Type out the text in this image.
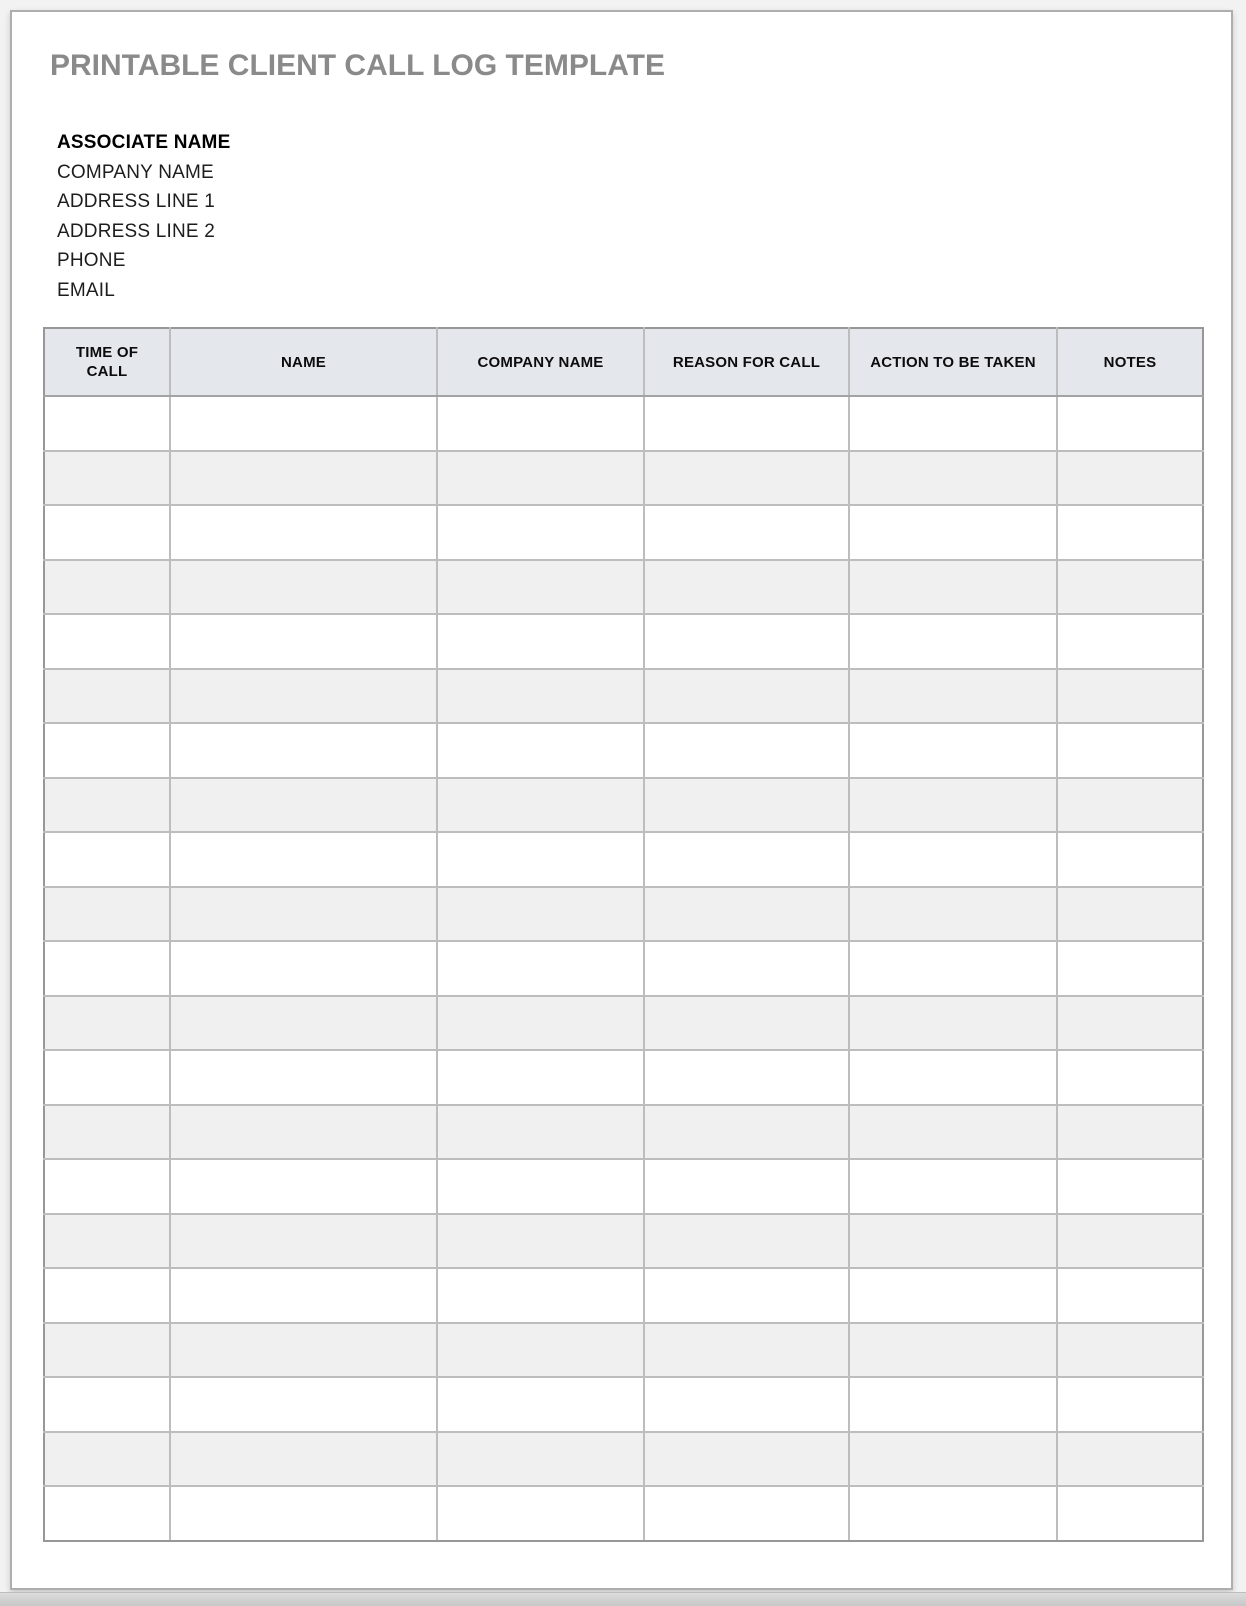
PRINTABLE CLIENT CALL LOG TEMPLATE
ASSOCIATE NAME
COMPANY NAME
ADDRESS LINE 1
ADDRESS LINE 2
PHONE
EMAIL
TIME OF CALL	NAME	COMPANY NAME	REASON FOR CALL	ACTION TO BE TAKEN	NOTES
